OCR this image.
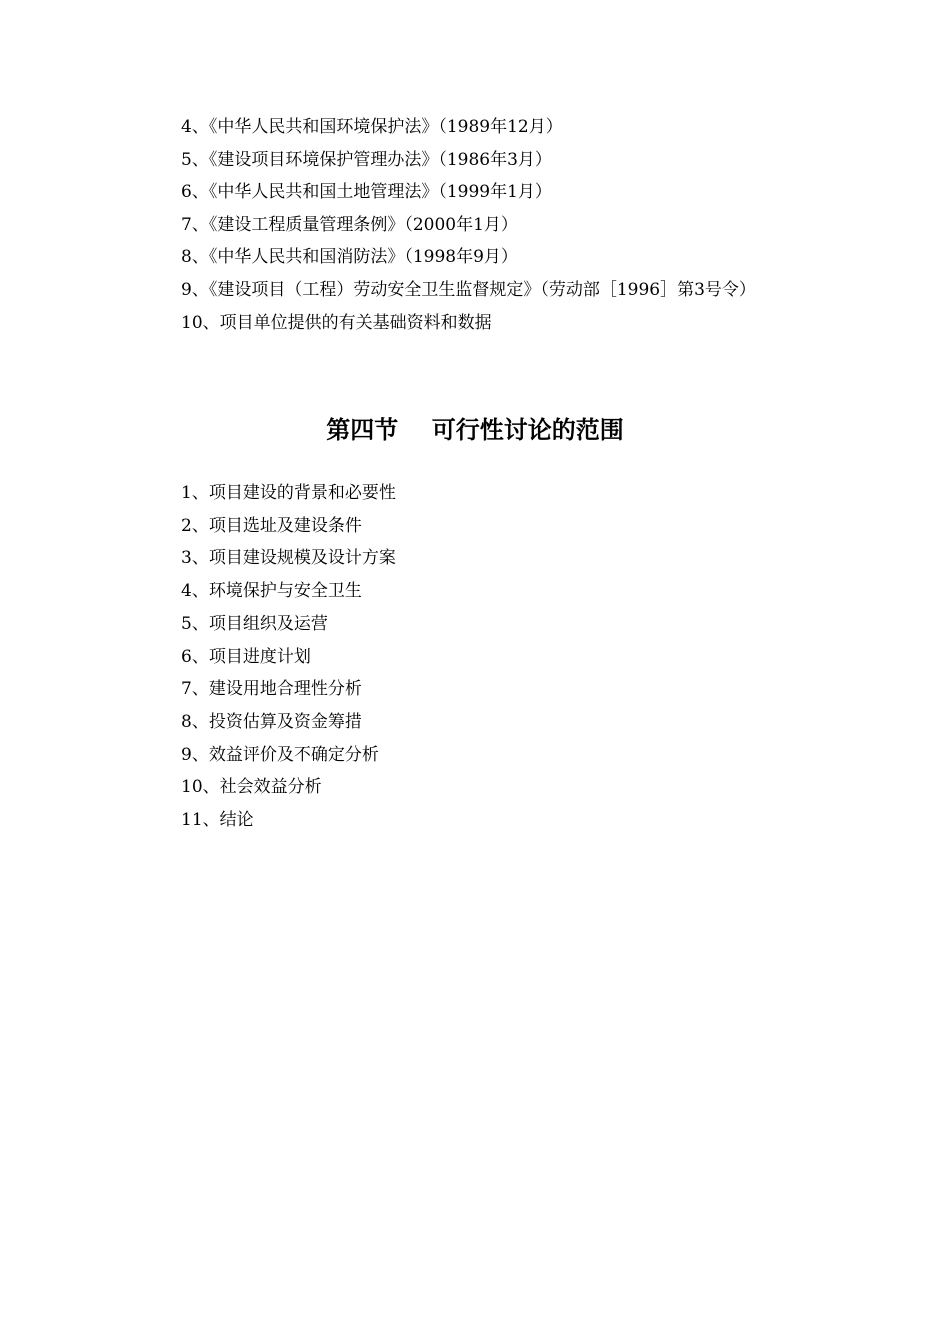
4、《中华人民共和国环境保护法》（1989年12月）

5、《建设项目环境保护管理办法》（1986年3月）

6、《中华人民共和国土地管理法》（1999年1月）

7、《建设工程质量管理条例》（2000年1月）

8、《中华人民共和国消防法》（1998年9月）

9、《建设项目（工程）劳动安全卫生监督规定》（劳动部［1996］第3号令）

10、项目单位提供的有关基础资料和数据

第四节    可行性讨论的范围

1、项目建设的背景和必要性

2、项目选址及建设条件

3、项目建设规模及设计方案

4、环境保护与安全卫生

5、项目组织及运营

6、项目进度计划

7、建设用地合理性分析

8、投资估算及资金筹措

9、效益评价及不确定分析

10、社会效益分析

11、结论
